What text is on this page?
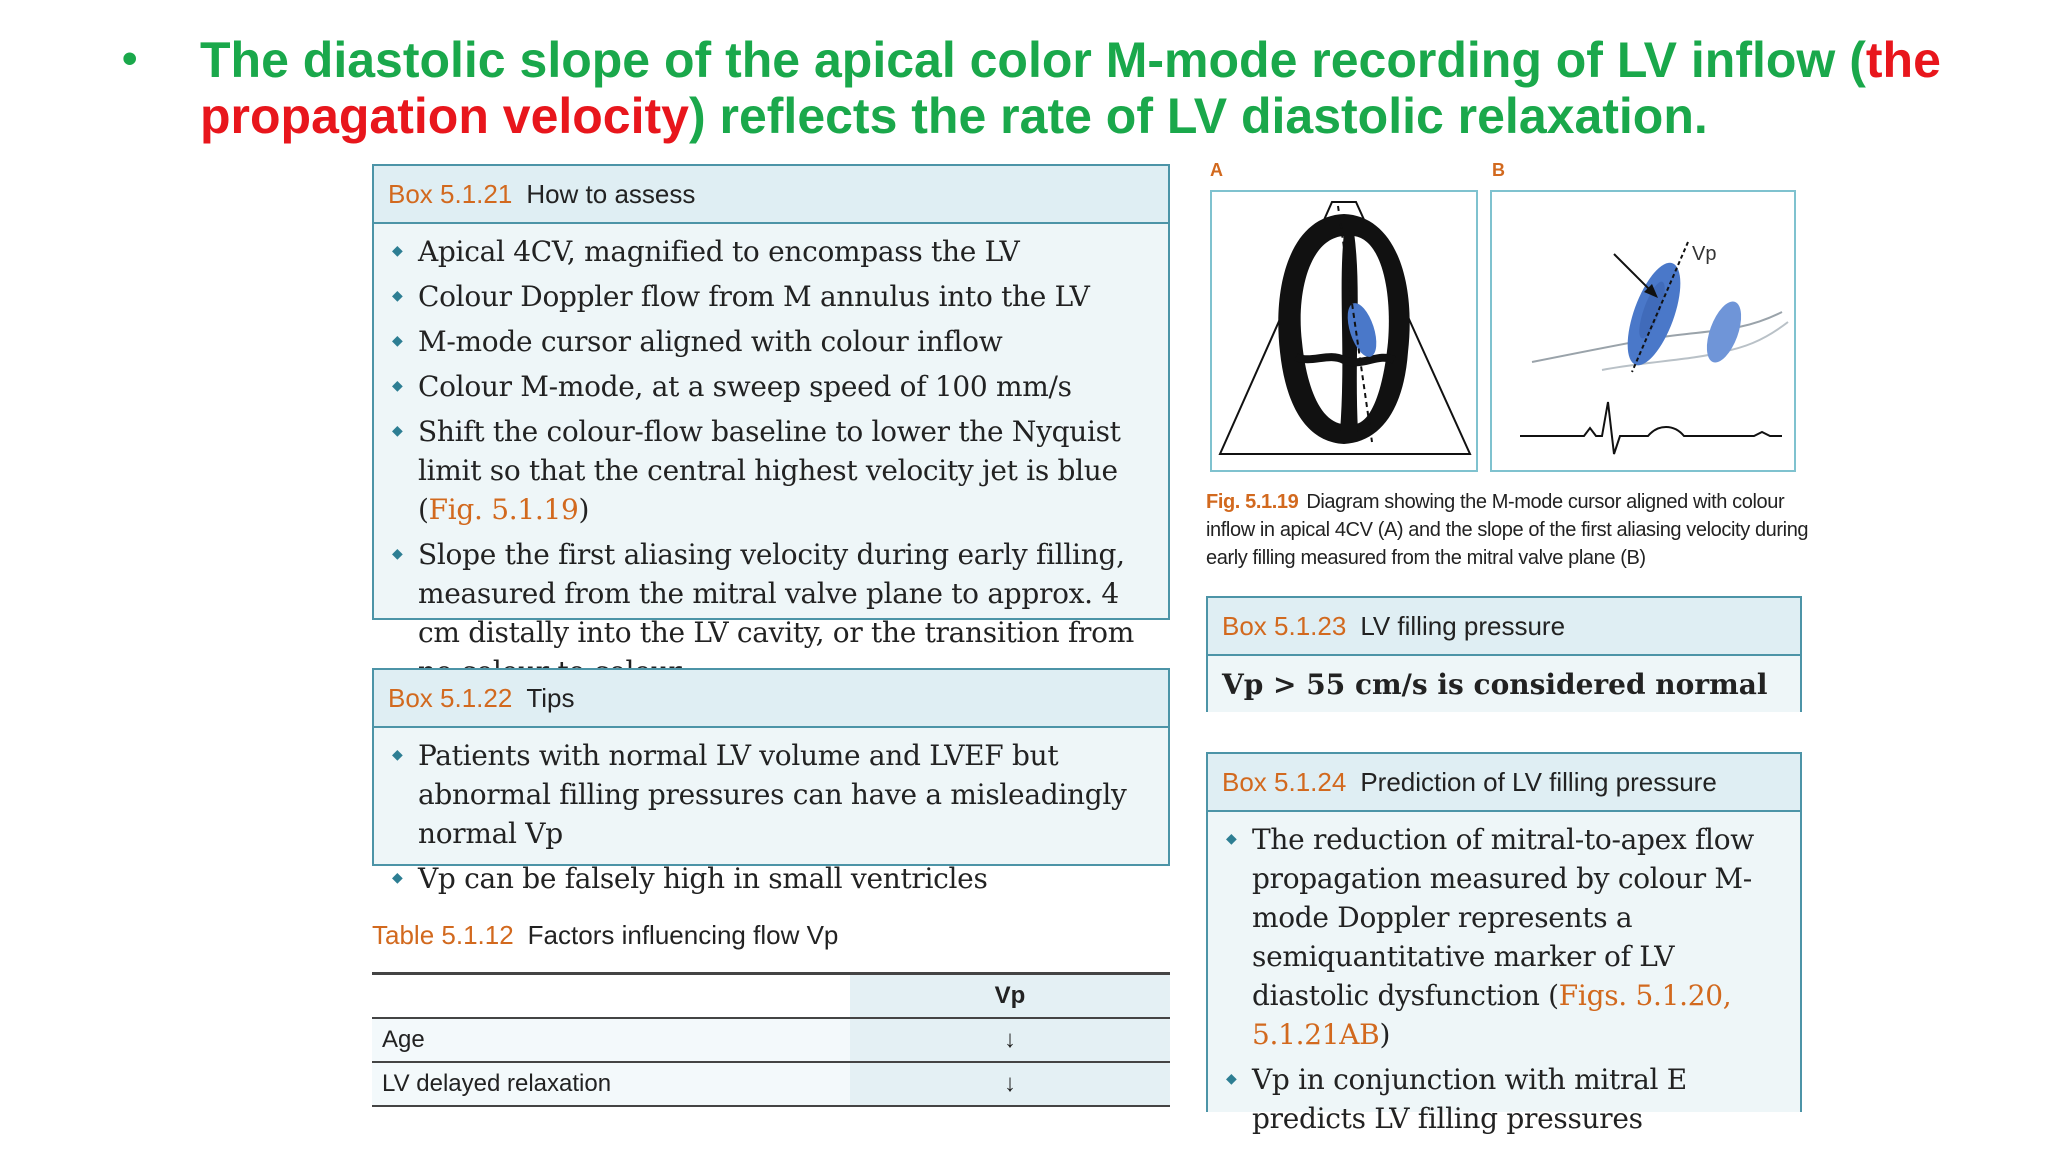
• The diastolic slope of the apical color M-mode recording of LV inflow (the propagation velocity) reflects the rate of LV diastolic relaxation.
Box 5.1.21 How to assess
◆ Apical 4CV, magnified to encompass the LV
◆ Colour Doppler flow from M annulus into the LV
◆ M-mode cursor aligned with colour inflow
◆ Colour M-mode, at a sweep speed of 100 mm/s
◆ Shift the colour-flow baseline to lower the Nyquist limit so that the central highest velocity jet is blue (Fig. 5.1.19)
◆ Slope the first aliasing velocity during early filling, measured from the mitral valve plane to approx. 4 cm distally into the LV cavity, or the transition from
Box 5.1.22 Tips
◆ Patients with normal LV volume and LVEF but abnormal filling pressures can have a misleadingly normal Vp
◆ Vp can be falsely high in small ventricles
Table 5.1.12 Factors influencing flow Vp
	Vp
Age	↓
LV delayed relaxation	↓
A	B
Vp
Fig. 5.1.19 Diagram showing the M-mode cursor aligned with colour inflow in apical 4CV (A) and the slope of the first aliasing velocity during early filling measured from the mitral valve plane (B)
Box 5.1.23 LV filling pressure
Vp > 55 cm/s is considered normal
Box 5.1.24 Prediction of LV filling pressure
◆ The reduction of mitral-to-apex flow propagation measured by colour M-mode Doppler represents a semiquantitative marker of LV diastolic dysfunction (Figs. 5.1.20, 5.1.21AB)
◆ Vp in conjunction with mitral E predicts LV filling pressures
